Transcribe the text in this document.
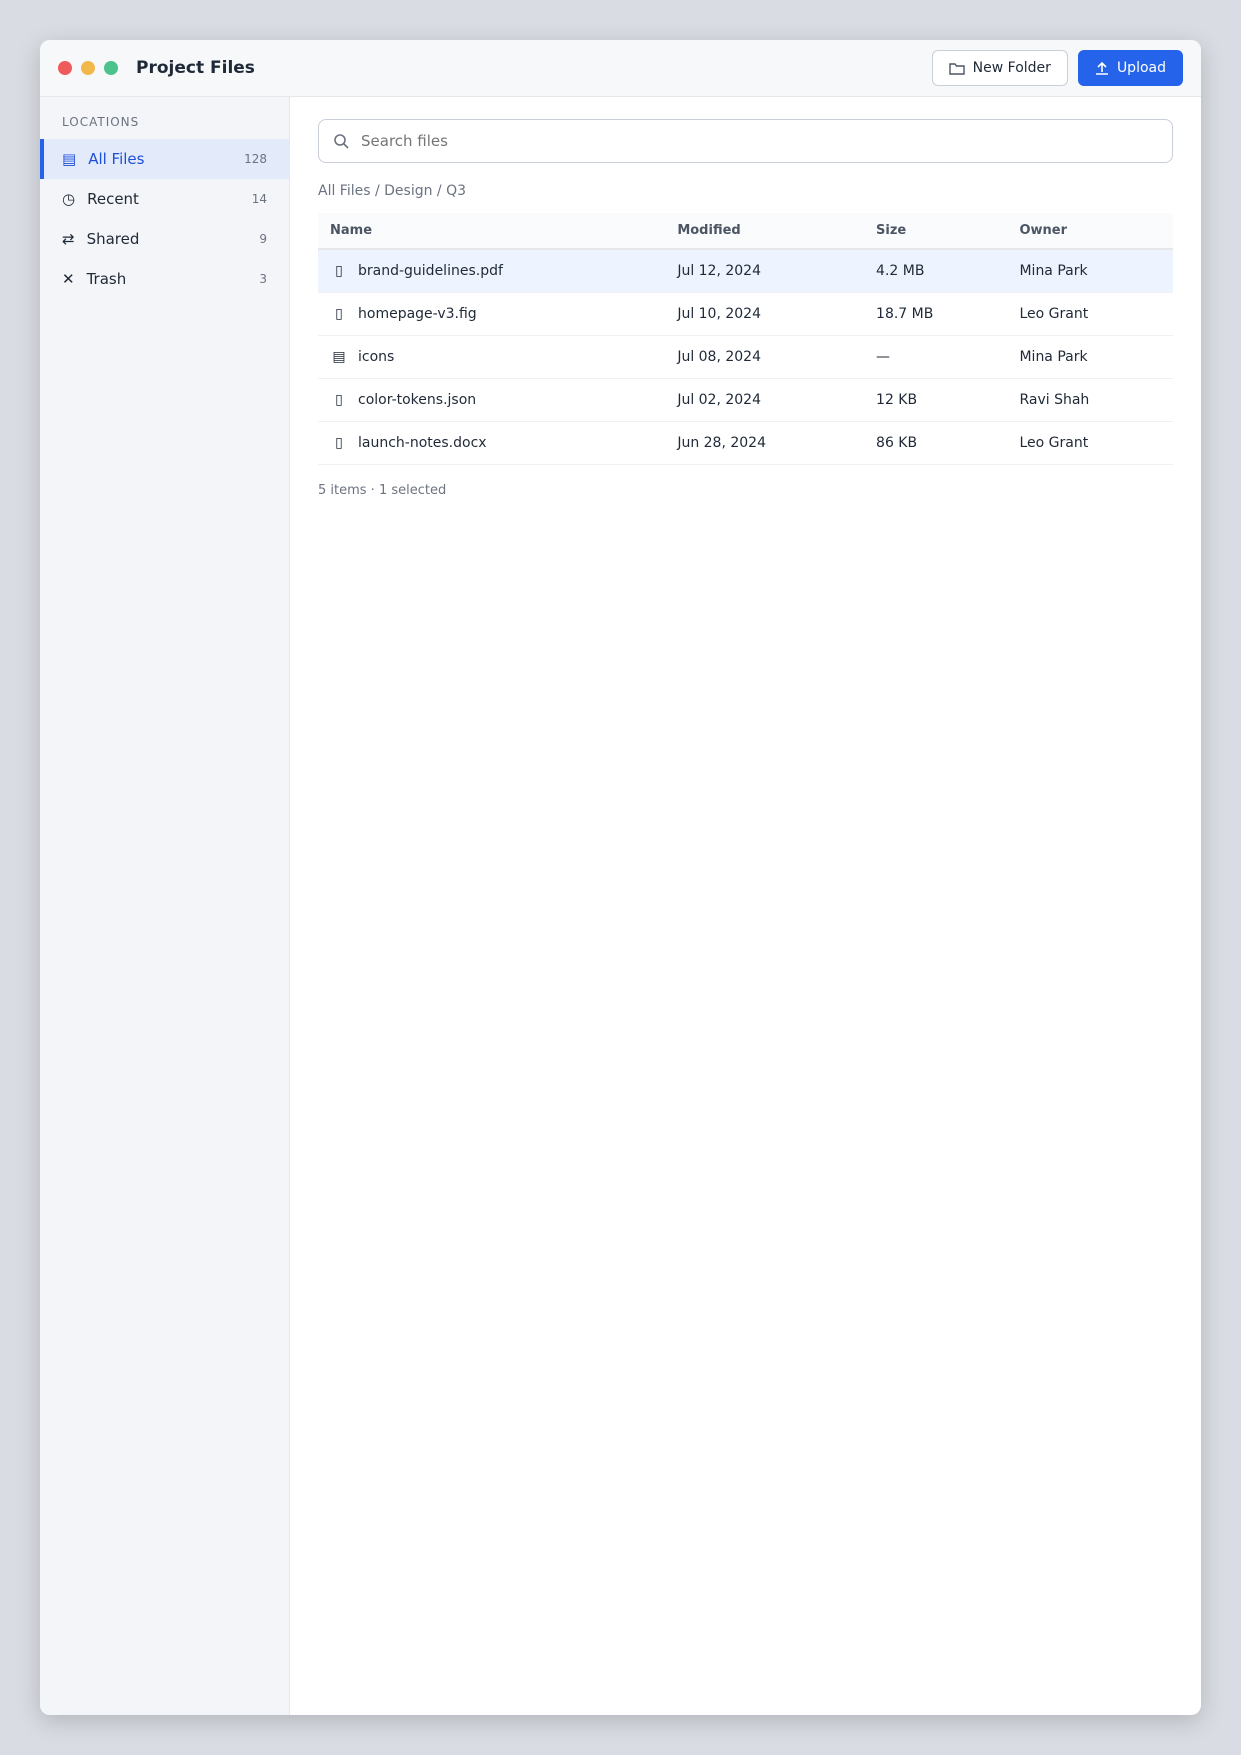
Project Files	New Folder	Upload
LOCATIONS
▤ All Files	128
◷ Recent	14
⇄ Shared	9
✕ Trash	3
Search files
All Files / Design / Q3
Name	Modified	Size	Owner
▯ brand-guidelines.pdf	Jul 12, 2024	4.2 MB	Mina Park
▯ homepage-v3.fig	Jul 10, 2024	18.7 MB	Leo Grant
▤ icons	Jul 08, 2024	—	Mina Park
▯ color-tokens.json	Jul 02, 2024	12 KB	Ravi Shah
▯ launch-notes.docx	Jun 28, 2024	86 KB	Leo Grant
5 items · 1 selected
